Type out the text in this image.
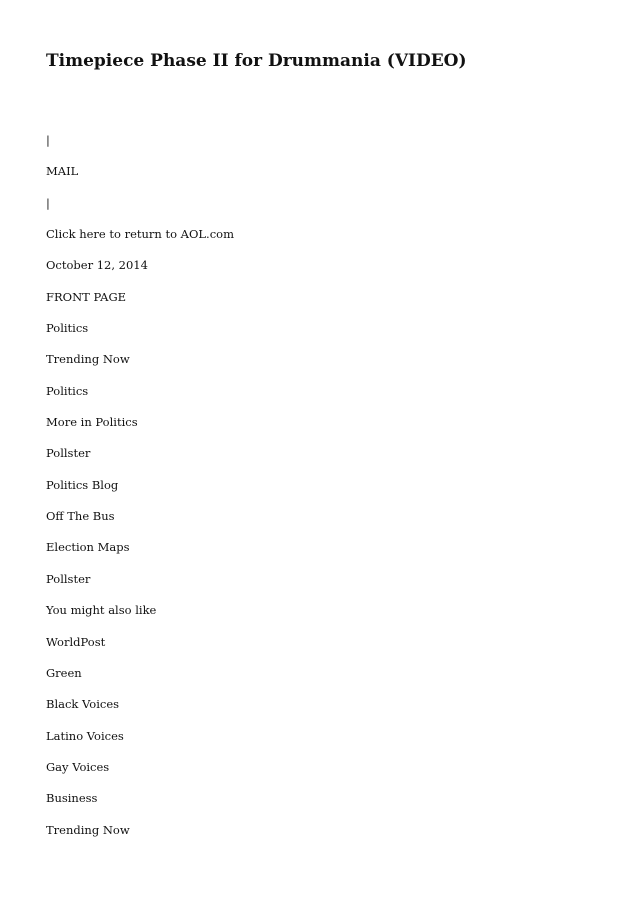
Timepiece Phase II for Drummania (VIDEO)
|
MAIL
|
Click here to return to AOL.com
October 12, 2014
FRONT PAGE
Politics
Trending Now
Politics
More in Politics
Pollster
Politics Blog
Off The Bus
Election Maps
Pollster
You might also like
WorldPost
Green
Black Voices
Latino Voices
Gay Voices
Business
Trending Now
